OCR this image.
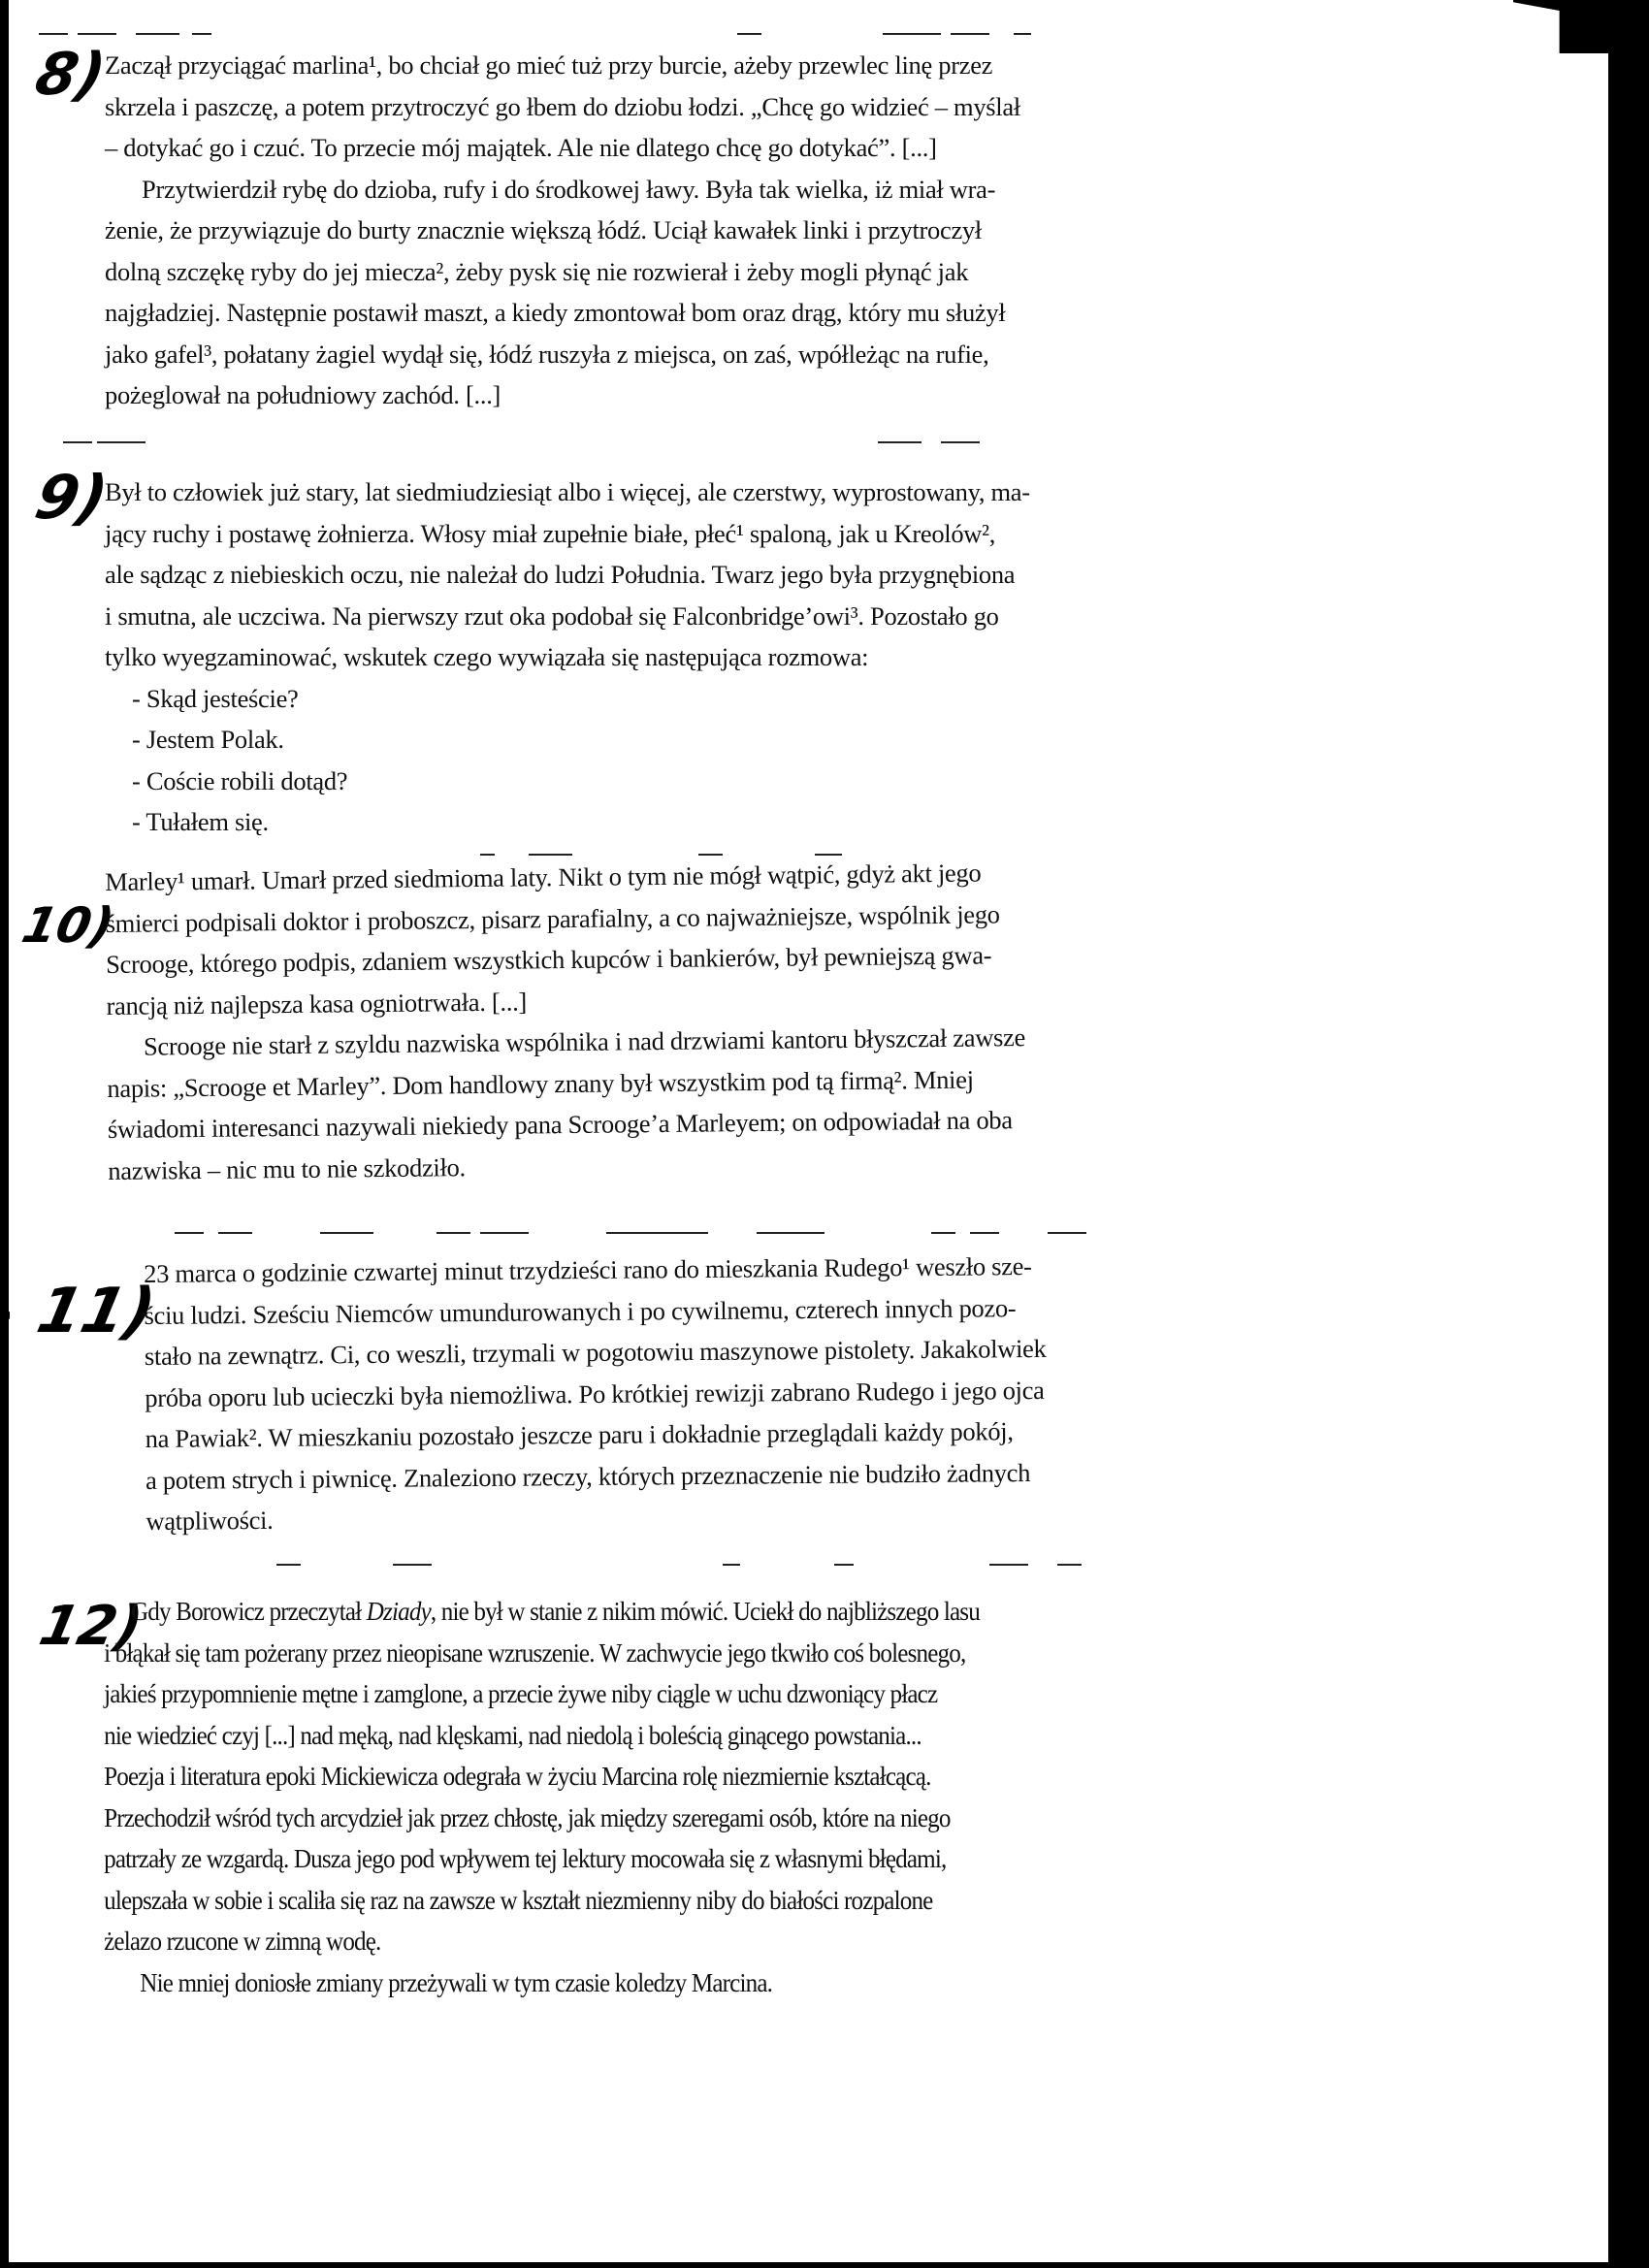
8)

Zaczął przyciągać marlina¹, bo chciał go mieć tuż przy burcie, ażeby przewlec linę przez

skrzela i paszczę, a potem przytroczyć go łbem do dziobu łodzi. „Chcę go widzieć – myślał

– dotykać go i czuć. To przecie mój majątek. Ale nie dlatego chcę go dotykać”. [...]

Przytwierdził rybę do dzioba, rufy i do środkowej ławy. Była tak wielka, iż miał wra-

żenie, że przywiązuje do burty znacznie większą łódź. Uciął kawałek linki i przytroczył

dolną szczękę ryby do jej miecza², żeby pysk się nie rozwierał i żeby mogli płynąć jak

najgładziej. Następnie postawił maszt, a kiedy zmontował bom oraz drąg, który mu służył

jako gafel³, połatany żagiel wydął się, łódź ruszyła z miejsca, on zaś, wpółleżąc na rufie,

pożeglował na południowy zachód. [...]

9)

Był to człowiek już stary, lat siedmiudziesiąt albo i więcej, ale czerstwy, wyprostowany, ma-

jący ruchy i postawę żołnierza. Włosy miał zupełnie białe, płeć¹ spaloną, jak u Kreolów²,

ale sądząc z niebieskich oczu, nie należał do ludzi Południa. Twarz jego była przygnębiona

i smutna, ale uczciwa. Na pierwszy rzut oka podobał się Falconbridge’owi³. Pozostało go

tylko wyegzaminować, wskutek czego wywiązała się następująca rozmowa:

- Skąd jesteście?

- Jestem Polak.

- Coście robili dotąd?

- Tułałem się.

10)

Marley¹ umarł. Umarł przed siedmioma laty. Nikt o tym nie mógł wątpić, gdyż akt jego

śmierci podpisali doktor i proboszcz, pisarz parafialny, a co najważniejsze, wspólnik jego

Scrooge, którego podpis, zdaniem wszystkich kupców i bankierów, był pewniejszą gwa-

rancją niż najlepsza kasa ogniotrwała. [...]

Scrooge nie starł z szyldu nazwiska wspólnika i nad drzwiami kantoru błyszczał zawsze

napis: „Scrooge et Marley”. Dom handlowy znany był wszystkim pod tą firmą². Mniej

świadomi interesanci nazywali niekiedy pana Scrooge’a Marleyem; on odpowiadał na oba

nazwiska – nic mu to nie szkodziło.

11)
◂

23 marca o godzinie czwartej minut trzydzieści rano do mieszkania Rudego¹ weszło sze-

ściu ludzi. Sześciu Niemców umundurowanych i po cywilnemu, czterech innych pozo-

stało na zewnątrz. Ci, co weszli, trzymali w pogotowiu maszynowe pistolety. Jakakolwiek

próba oporu lub ucieczki była niemożliwa. Po krótkiej rewizji zabrano Rudego i jego ojca

na Pawiak². W mieszkaniu pozostało jeszcze paru i dokładnie przeglądali każdy pokój,

a potem strych i piwnicę. Znaleziono rzeczy, których przeznaczenie nie budziło żadnych

wątpliwości.

12)

Gdy Borowicz przeczytał Dziady, nie był w stanie z nikim mówić. Uciekł do najbliższego lasu

i błąkał się tam pożerany przez nieopisane wzruszenie. W zachwycie jego tkwiło coś bolesnego,

jakieś przypomnienie mętne i zamglone, a przecie żywe niby ciągle w uchu dzwoniący płacz

nie wiedzieć czyj [...] nad męką, nad klęskami, nad niedolą i boleścią ginącego powstania...

Poezja i literatura epoki Mickiewicza odegrała w życiu Marcina rolę niezmiernie kształcącą.

Przechodził wśród tych arcydzieł jak przez chłostę, jak między szeregami osób, które na niego

patrzały ze wzgardą. Dusza jego pod wpływem tej lektury mocowała się z własnymi błędami,

ulepszała w sobie i scaliła się raz na zawsze w kształt niezmienny niby do białości rozpalone

żelazo rzucone w zimną wodę.

Nie mniej doniosłe zmiany przeżywali w tym czasie koledzy Marcina.
